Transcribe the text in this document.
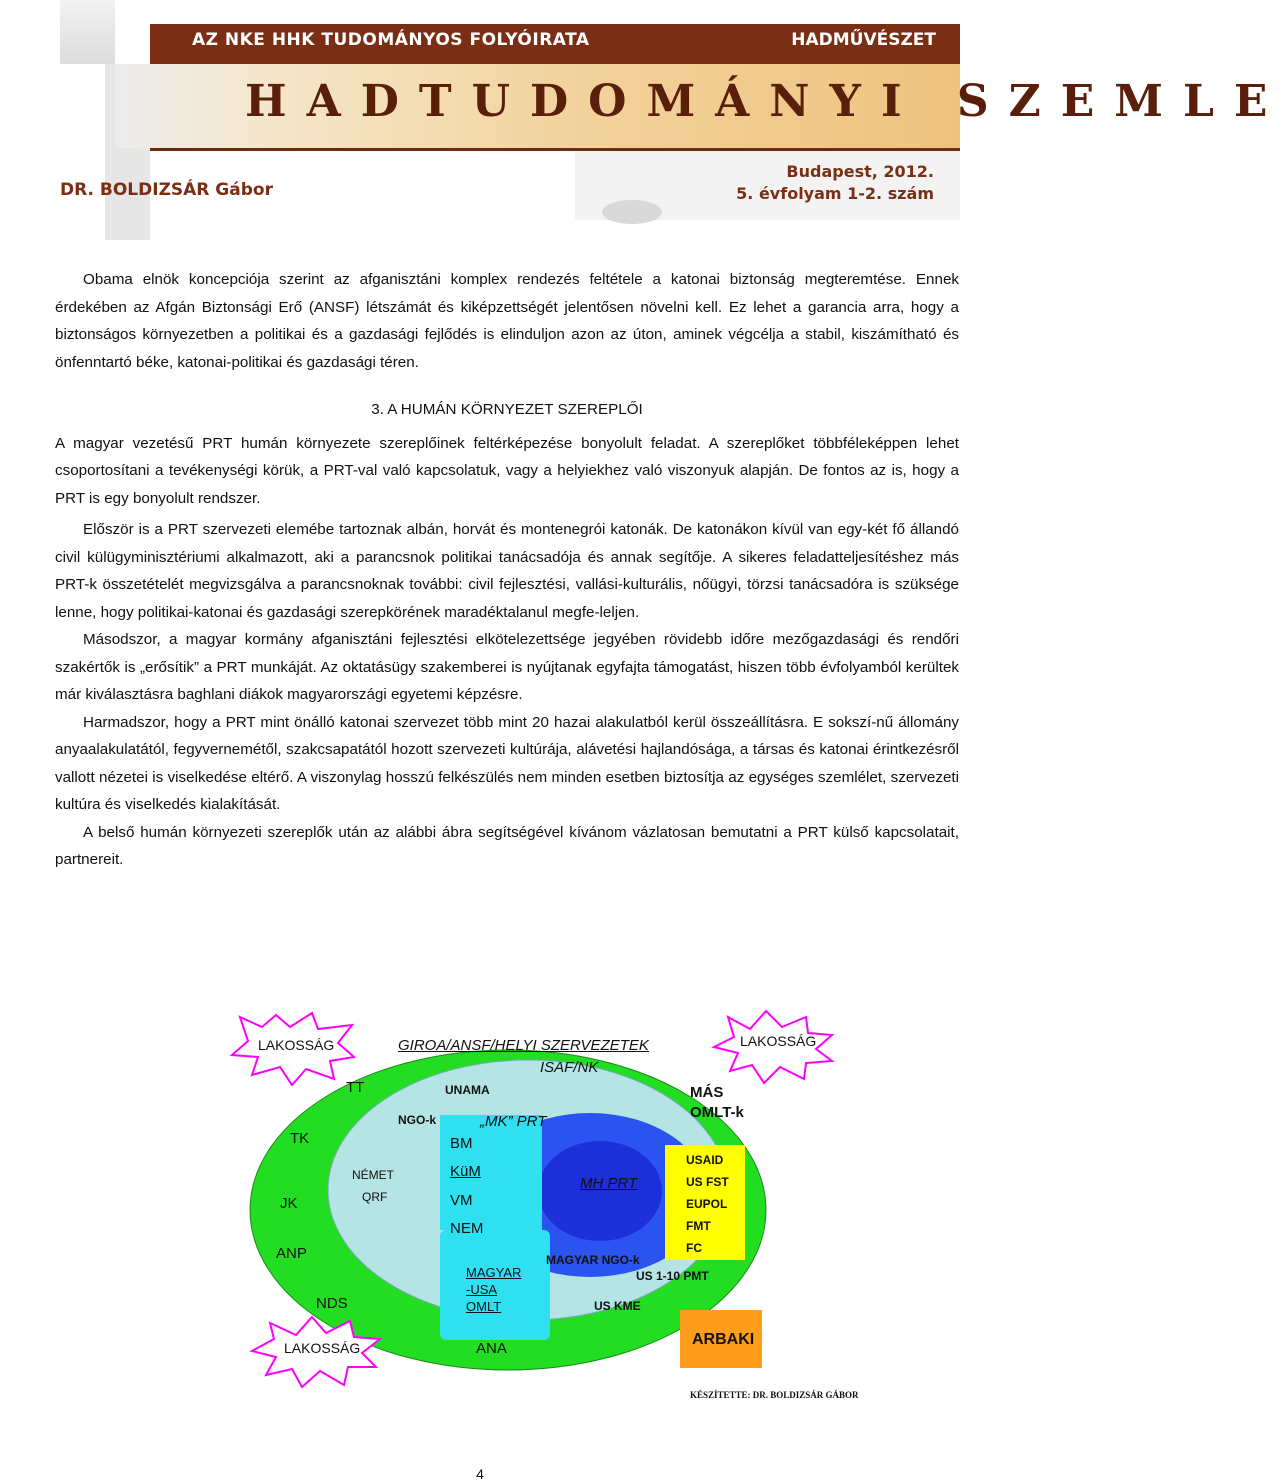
AZ NKE HHK TUDOMÁNYOS FOLYÓIRATA	HADMŰVÉSZET

HADTUDOMÁNYI SZEMLE

DR. BOLDIZSÁR Gábor

Budapest, 2012.

5. évfolyam 1-2. szám

Obama elnök koncepciója szerint az afganisztáni komplex rendezés feltétele a katonai biztonság megteremtése. Ennek érdekében az Afgán Biztonsági Erő (ANSF) létszámát és kiképzettségét jelentősen növelni kell. Ez lehet a garancia arra, hogy a biztonságos környezetben a politikai és a gazdasági fejlődés is elinduljon azon az úton, aminek végcélja a stabil, kiszámítható és önfenntartó béke, katonai-politikai és gazdasági téren.

3. A HUMÁN KÖRNYEZET SZEREPLŐI

A magyar vezetésű PRT humán környezete szereplőinek feltérképezése bonyolult feladat. A szereplőket többféleképpen lehet csoportosítani a tevékenységi körük, a PRT-val való kapcsolatuk, vagy a helyiekhez való viszonyuk alapján. De fontos az is, hogy a PRT is egy bonyolult rendszer.

Először is a PRT szervezeti elemébe tartoznak albán, horvát és montenegrói katonák. De katonákon kívül van egy-két fő állandó civil külügyminisztériumi alkalmazott, aki a parancsnok politikai tanácsadója és annak segítője. A sikeres feladatteljesítéshez más PRT-k összetételét megvizsgálva a parancsnoknak további: civil fejlesztési, vallási-kulturális, nőügyi, törzsi tanácsadóra is szüksége lenne, hogy politikai-katonai és gazdasági szerepkörének maradéktalanul megfe-leljen.

Másodszor, a magyar kormány afganisztáni fejlesztési elkötelezettsége jegyében rövidebb időre mezőgazdasági és rendőri szakértők is „erősítik” a PRT munkáját. Az oktatásügy szakemberei is nyújtanak egyfajta támogatást, hiszen több évfolyamból kerültek már kiválasztásra baghlani diákok magyarországi egyetemi képzésre.

Harmadszor, hogy a PRT mint önálló katonai szervezet több mint 20 hazai alakulatból kerül összeállításra. E sokszí-nű állomány anyaalakulatától, fegyvernemétől, szakcsapatától hozott szervezeti kultúrája, alávetési hajlandósága, a társas és katonai érintkezésről vallott nézetei is viselkedése eltérő. A viszonylag hosszú felkészülés nem minden esetben biztosítja az egységes szemlélet, szervezeti kultúra és viselkedés kialakítását.

A belső humán környezeti szereplők után az alábbi ábra segítségével kívánom vázlatosan bemutatni a PRT külső kapcsolatait, partnereit.

LAKOSSÁG	LAKOSSÁG

LAKOSSÁG

GIROA/ANSF/HELYI SZERVEZETEK

ISAF/NK

TT	UNAMA	MÁS OMLT-k

NGO-k	„MK” PRT

TK	BM

USAID

NÉMET	KüM

MH PRT	US FST

QRF

JK	VM	EUPOL

NEM	FMT

FC

ANP	MAGYAR NGO-k

MAGYAR	US 1-10 PMT

-USA

OMLT

NDS	US KME

ANA

ARBAKI

KÉSZÍTETTE: DR. BOLDIZSÁR GÁBOR

4
